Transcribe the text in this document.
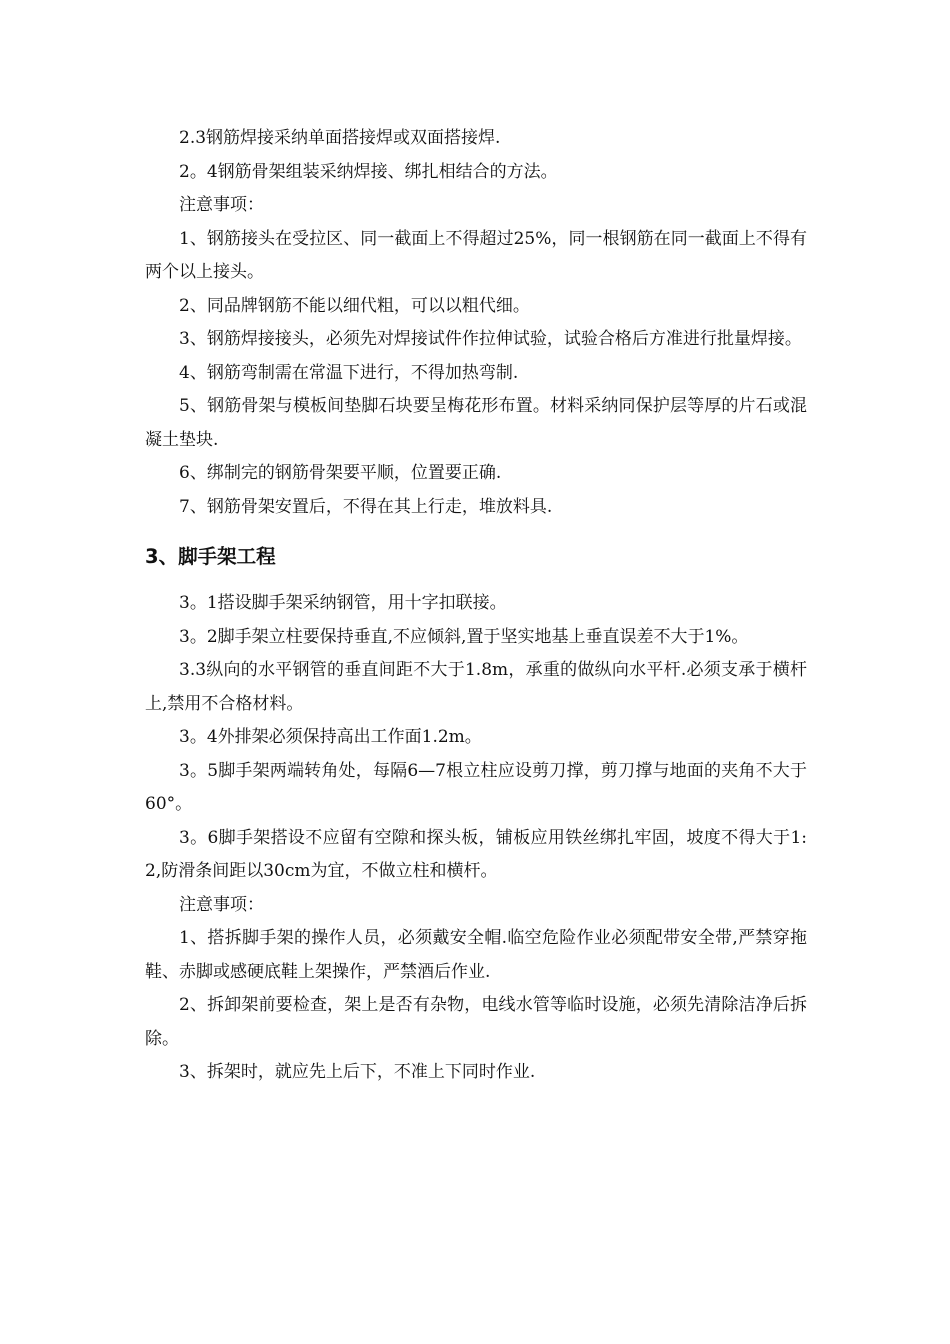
2.3钢筋焊接采纳单面搭接焊或双面搭接焊.

2。4钢筋骨架组装采纳焊接、绑扎相结合的方法。

注意事项：

1、钢筋接头在受拉区、同一截面上不得超过25%，同一根钢筋在同一截面上不得有两个以上接头。

2、同品牌钢筋不能以细代粗，可以以粗代细。

3、钢筋焊接接头，必须先对焊接试件作拉伸试验，试验合格后方准进行批量焊接。

4、钢筋弯制需在常温下进行，不得加热弯制.

5、钢筋骨架与模板间垫脚石块要呈梅花形布置。材料采纳同保护层等厚的片石或混凝土垫块.

6、绑制完的钢筋骨架要平顺，位置要正确.

7、钢筋骨架安置后，不得在其上行走，堆放料具.

3、脚手架工程

3。1搭设脚手架采纳钢管，用十字扣联接。

3。2脚手架立柱要保持垂直,不应倾斜,置于坚实地基上垂直误差不大于1%。

3.3纵向的水平钢管的垂直间距不大于1.8m，承重的做纵向水平杆.必须支承于横杆上,禁用不合格材料。

3。4外排架必须保持高出工作面1.2m。

3。5脚手架两端转角处，每隔6—7根立柱应设剪刀撑，剪刀撑与地面的夹角不大于60°。

3。6脚手架搭设不应留有空隙和探头板，铺板应用铁丝绑扎牢固，坡度不得大于1:2,防滑条间距以30cm为宜，不做立柱和横杆。

注意事项：

1、搭拆脚手架的操作人员，必须戴安全帽.临空危险作业必须配带安全带,严禁穿拖鞋、赤脚或感硬底鞋上架操作，严禁酒后作业.

2、拆卸架前要检查，架上是否有杂物，电线水管等临时设施，必须先清除洁净后拆除。

3、拆架时，就应先上后下，不准上下同时作业.
